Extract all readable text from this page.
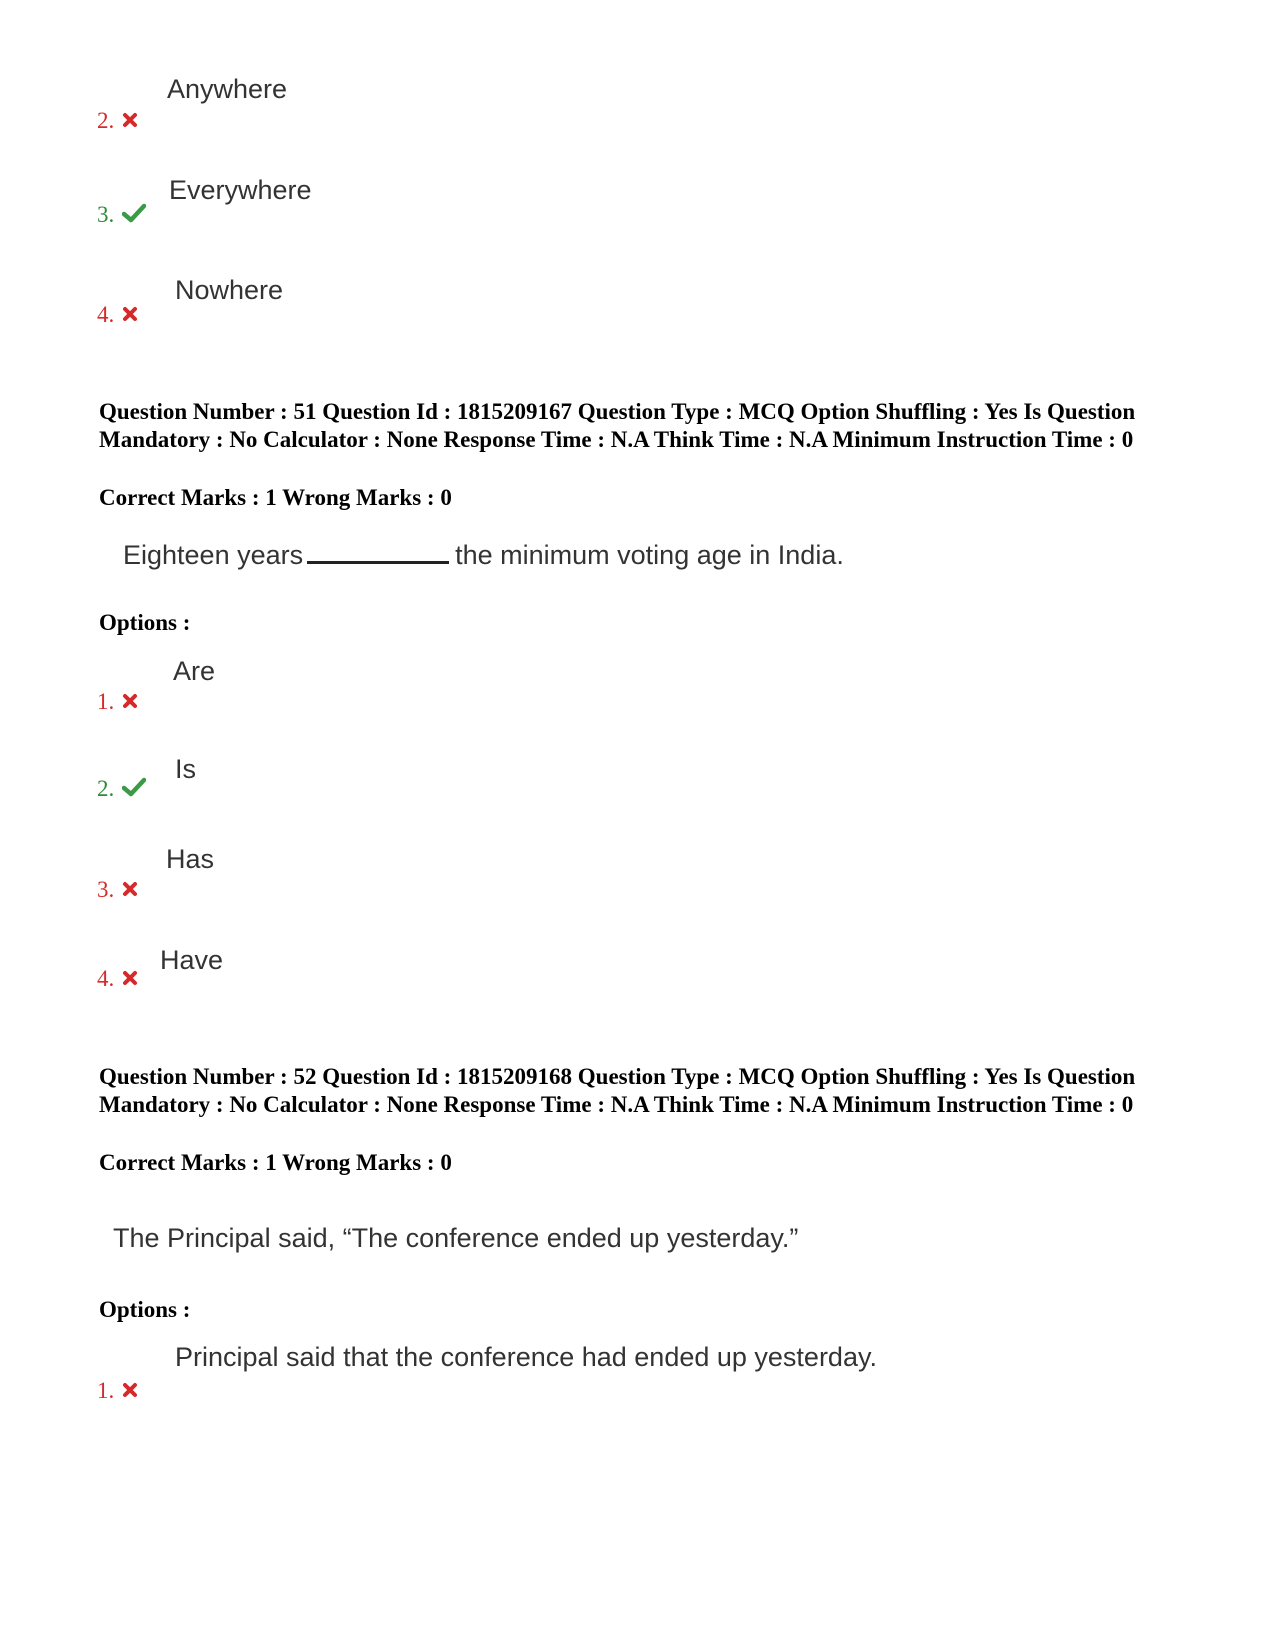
Anywhere
2.
Everywhere
3.
Nowhere
4.

Question Number : 51 Question Id : 1815209167 Question Type : MCQ Option Shuffling : Yes Is Question Mandatory : No Calculator : None Response Time : N.A Think Time : N.A Minimum Instruction Time : 0

Correct Marks : 1 Wrong Marks : 0
Eighteen years	the minimum voting age in India.
Options :
Are
1.
Is
2.
Has
3.
Have
4.

Question Number : 52 Question Id : 1815209168 Question Type : MCQ Option Shuffling : Yes Is Question Mandatory : No Calculator : None Response Time : N.A Think Time : N.A Minimum Instruction Time : 0

Correct Marks : 1 Wrong Marks : 0
The Principal said, “The conference ended up yesterday.”
Options :
Principal said that the conference had ended up yesterday.
1.
